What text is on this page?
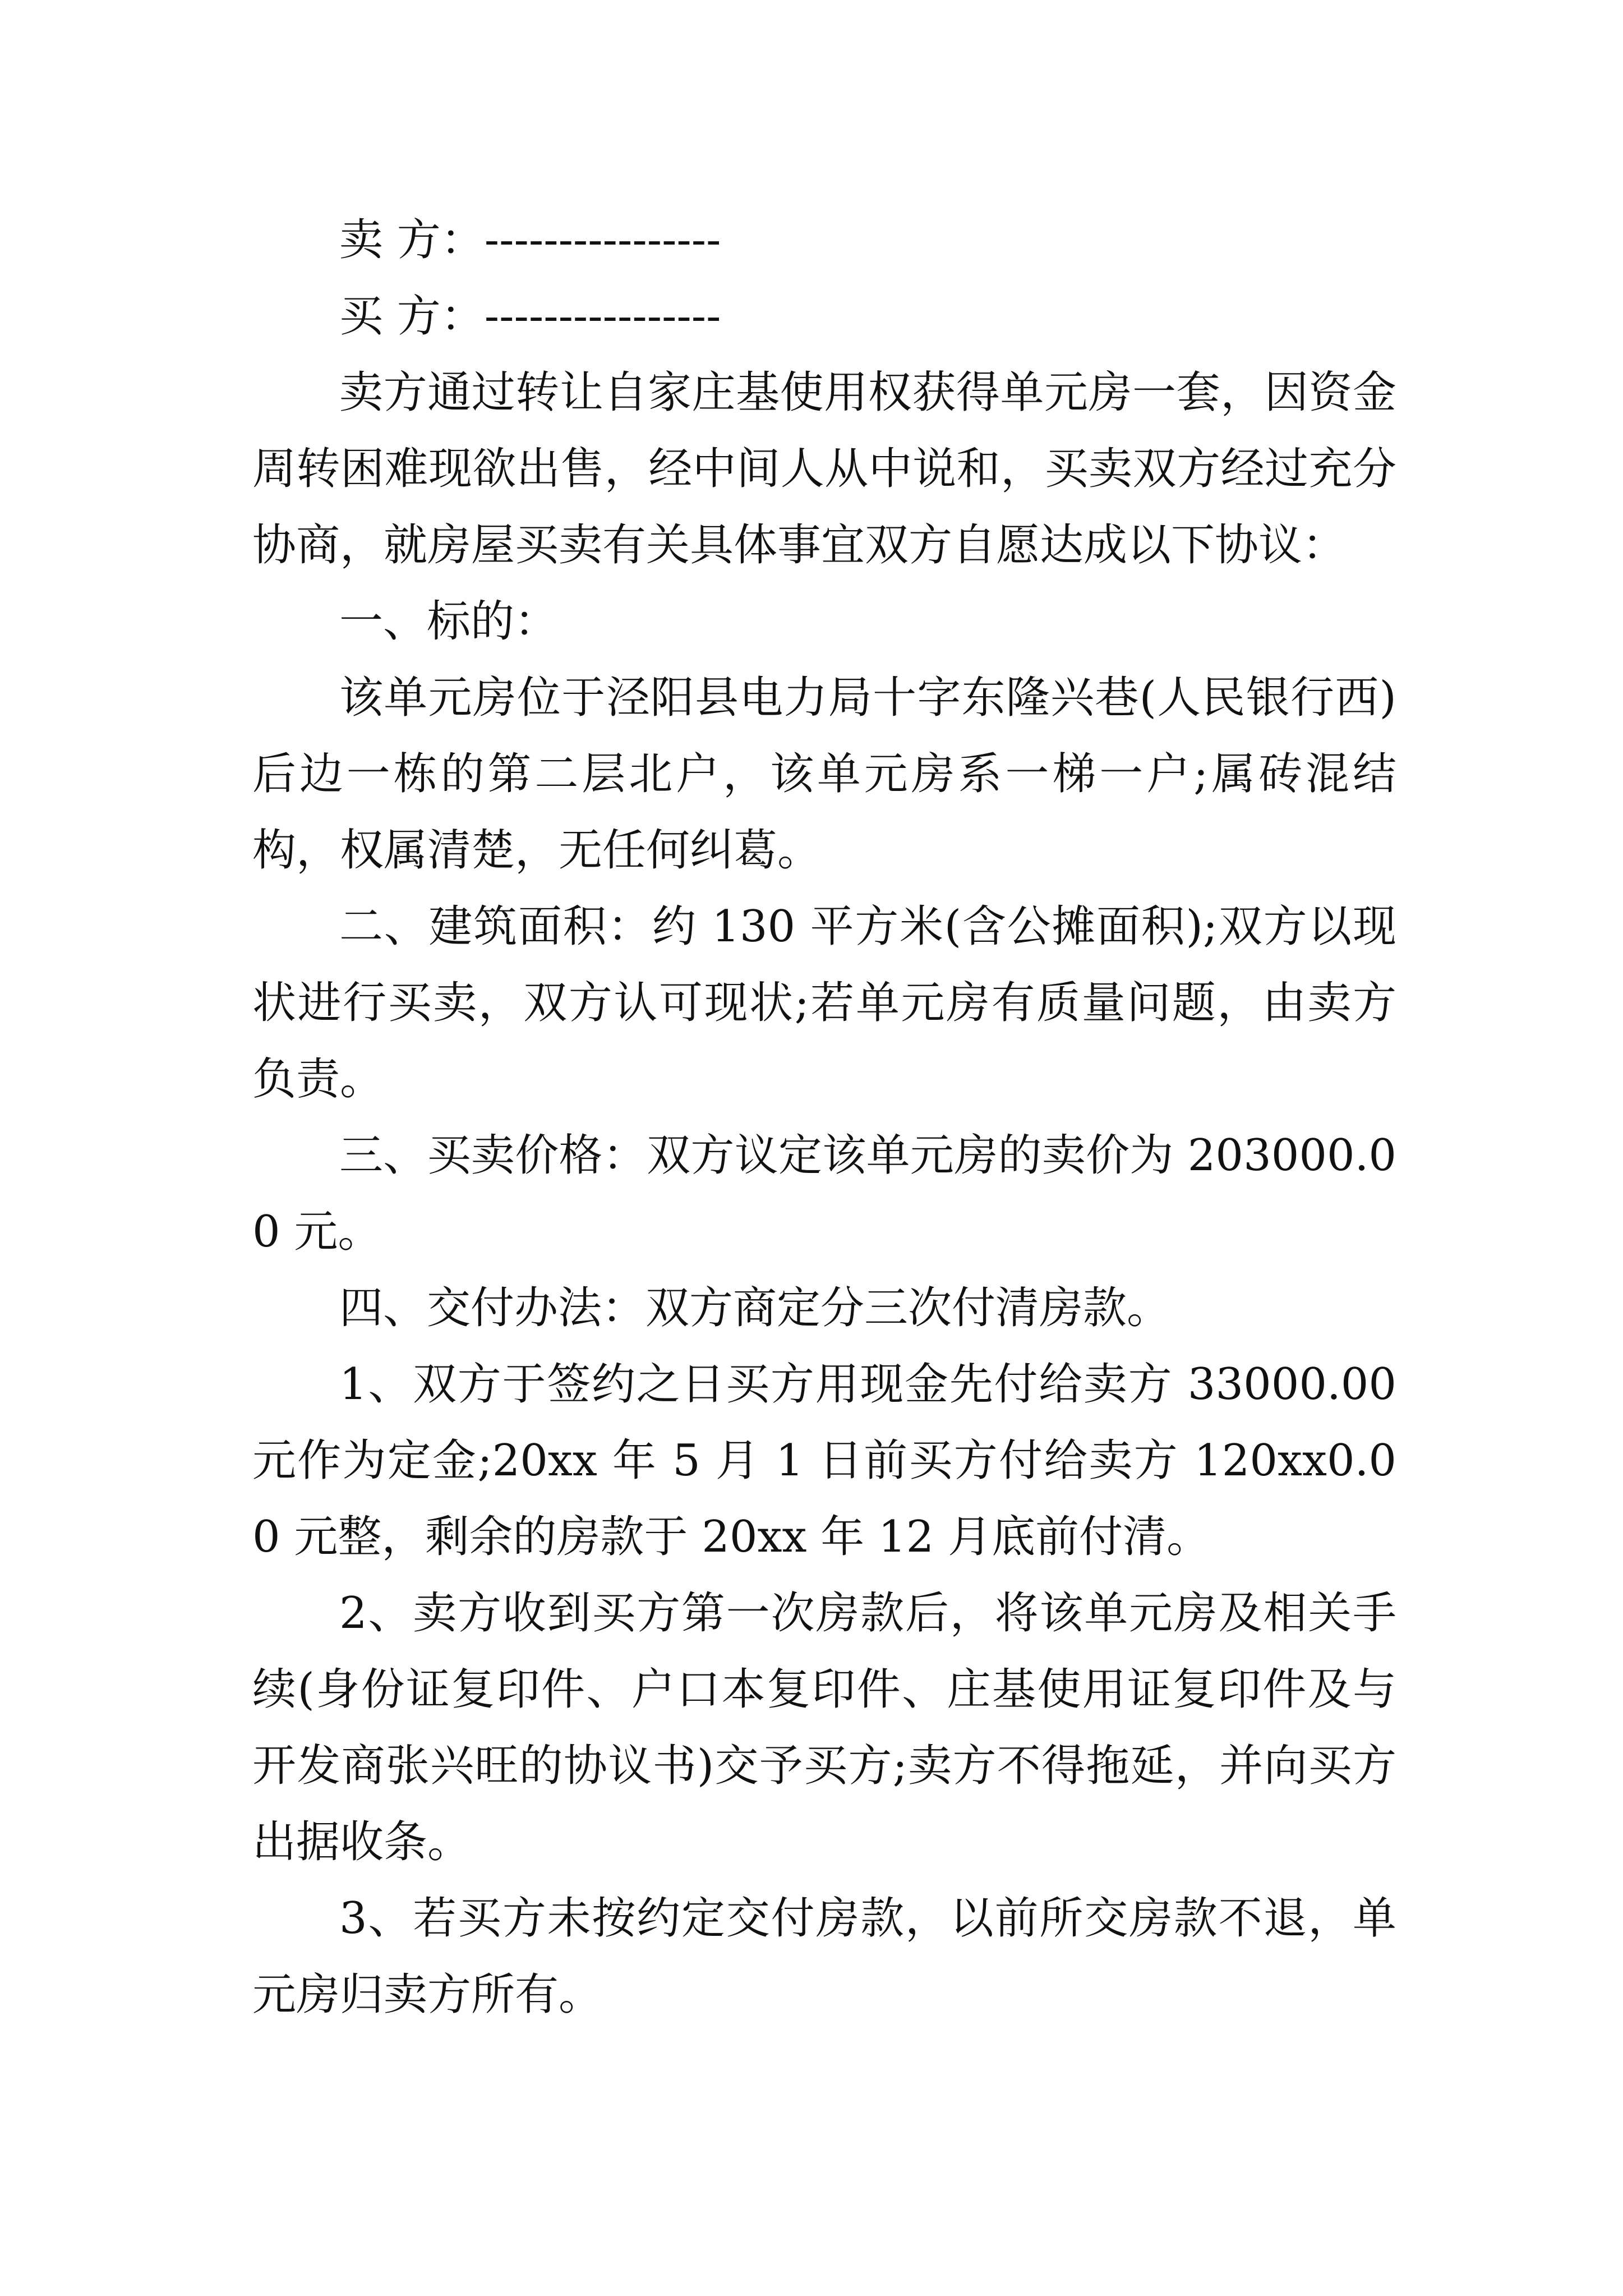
卖 方：----------------

买 方：----------------

卖方通过转让自家庄基使用权获得单元房一套，因资金周转困难现欲出售，经中间人从中说和，买卖双方经过充分协商，就房屋买卖有关具体事宜双方自愿达成以下协议：

一、标的：

该单元房位于泾阳县电力局十字东隆兴巷(人民银行西)后边一栋的第二层北户，该单元房系一梯一户;属砖混结构，权属清楚，无任何纠葛。

二、建筑面积：约 130 平方米(含公摊面积);双方以现状进行买卖，双方认可现状;若单元房有质量问题，由卖方负责。

三、买卖价格：双方议定该单元房的卖价为 203000.00 元。

四、交付办法：双方商定分三次付清房款。

1、双方于签约之日买方用现金先付给卖方 33000.00 元作为定金;20xx 年 5 月 1 日前买方付给卖方 120xx0.00 元整，剩余的房款于 20xx 年 12 月底前付清。

2、卖方收到买方第一次房款后，将该单元房及相关手续(身份证复印件、户口本复印件、庄基使用证复印件及与开发商张兴旺的协议书)交予买方;卖方不得拖延，并向买方出据收条。

3、若买方未按约定交付房款，以前所交房款不退，单元房归卖方所有。
